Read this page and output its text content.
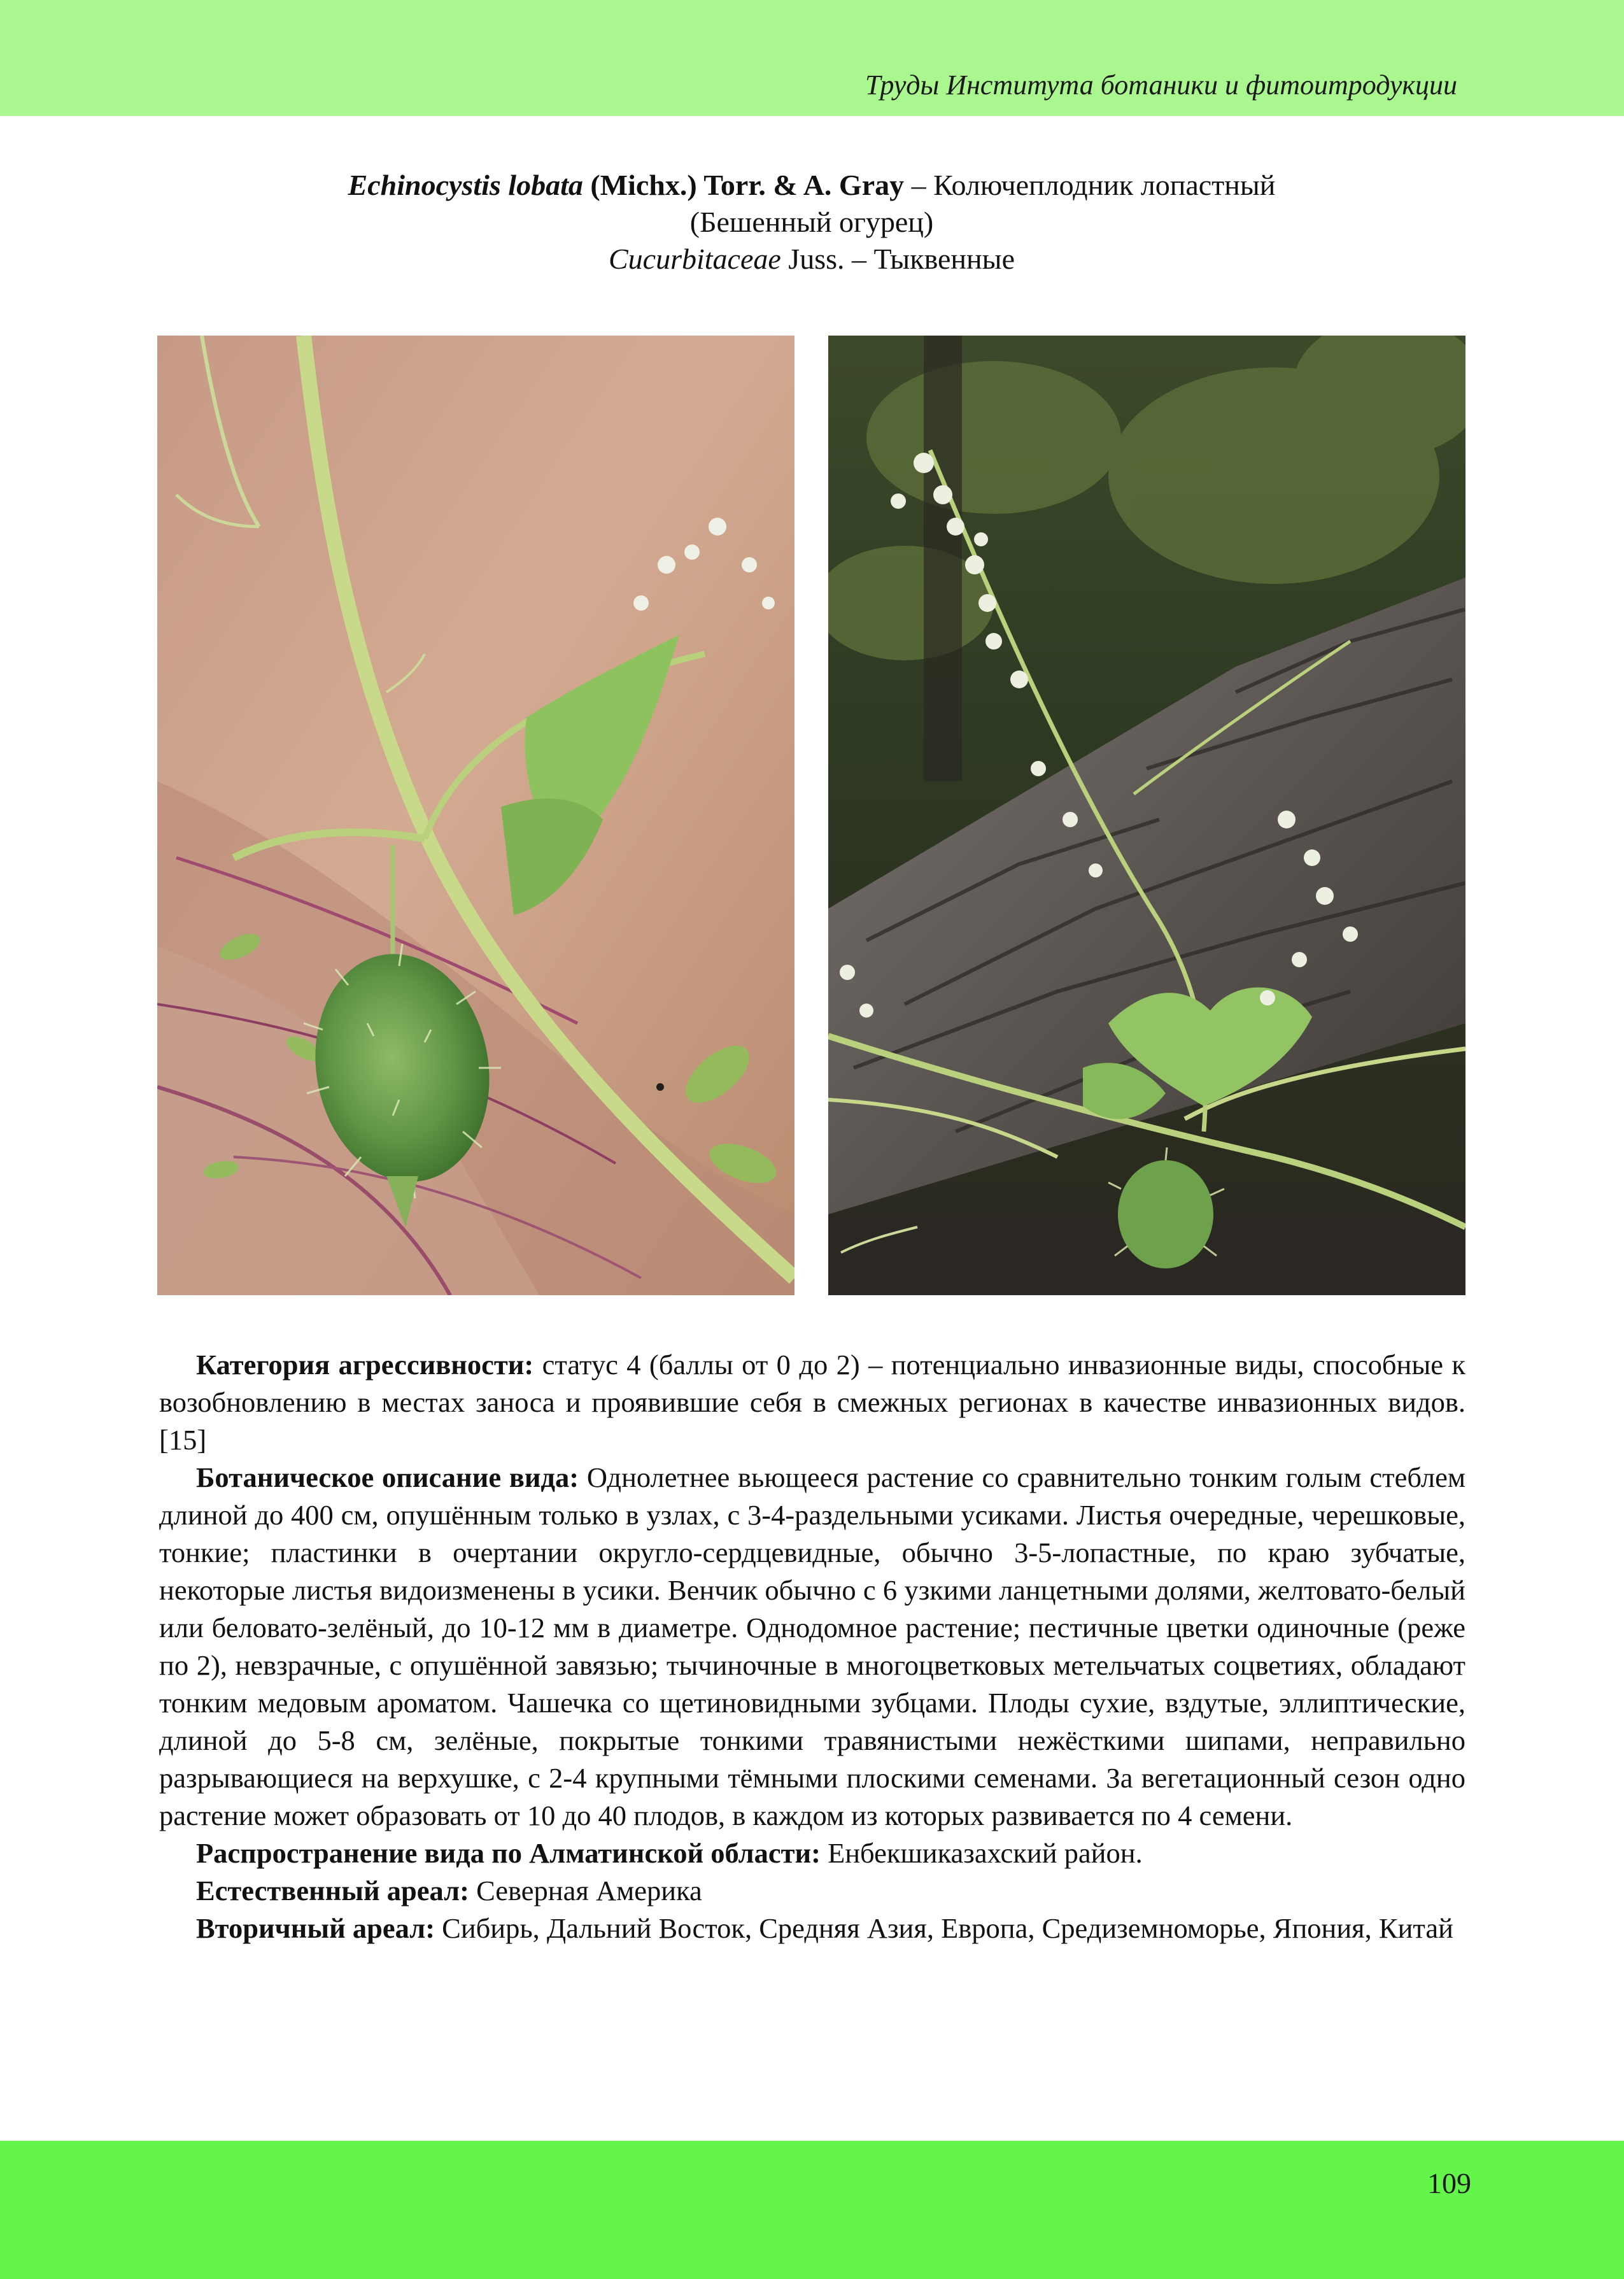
Труды Института ботаники и фитоитродукции
Echinocystis lobata (Michx.) Torr. & A. Gray – Колючеплодник лопастный
(Бешенный огурец)
Cucurbitaceae Juss. – Тыквенные

Категория агрессивности: статус 4 (баллы от 0 до 2) – потенциально инвазионные виды, способные к возобновлению в местах заноса и проявившие себя в смежных регионах в качестве инвазионных видов. [15]

Ботаническое описание вида: Однолетнее вьющееся растение со сравнительно тонким голым стеблем длиной до 400 см, опушённым только в узлах, с 3-4-раздельными усиками. Листья очередные, черешковые, тонкие; пластинки в очертании округло-сердцевидные, обычно 3-5-лопастные, по краю зубчатые, некоторые листья видоизменены в усики. Венчик обычно с 6 узкими ланцетными долями, желтовато-белый или беловато-зелёный, до 10-12 мм в диаметре. Однодомное растение; пестичные цветки одиночные (реже по 2), невзрачные, с опушённой завязью; тычиночные в многоцветковых метельчатых соцветиях, обладают тонким медовым ароматом. Чашечка со щетиновидными зубцами. Плоды сухие, вздутые, эллиптические, длиной до 5-8 см, зелёные, покрытые тонкими травянистыми нежёсткими шипами, неправильно разрывающиеся на верхушке, с 2-4 крупными тёмными плоскими семенами. За вегетационный сезон одно растение может образовать от 10 до 40 плодов, в каждом из которых развивается по 4 семени.

Распространение вида по Алматинской области: Енбекшиказахский район.

Естественный ареал: Северная Америка

Вторичный ареал: Сибирь, Дальний Восток, Средняя Азия, Европа, Средиземноморье, Япония, Китай

109
